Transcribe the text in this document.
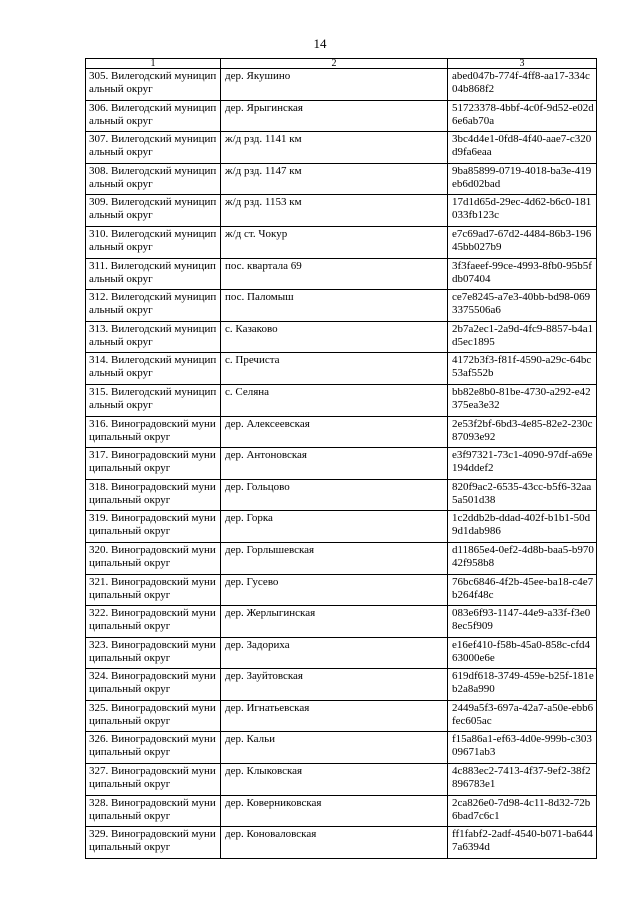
14
1	2	3
305. Вилегодский муниципальный округ	дер. Якушино	abed047b-774f-4ff8-aa17-334c04b868f2
306. Вилегодский муниципальный округ	дер. Ярыгинская	51723378-4bbf-4c0f-9d52-e02d6e6ab70a
307. Вилегодский муниципальный округ	ж/д рзд. 1141 км	3bc4d4e1-0fd8-4f40-aae7-c320d9fa6eaa
308. Вилегодский муниципальный округ	ж/д рзд. 1147 км	9ba85899-0719-4018-ba3e-419eb6d02bad
309. Вилегодский муниципальный округ	ж/д рзд. 1153 км	17d1d65d-29ec-4d62-b6c0-181033fb123c
310. Вилегодский муниципальный округ	ж/д ст. Чокур	e7c69ad7-67d2-4484-86b3-19645bb027b9
311. Вилегодский муниципальный округ	пос. квартала 69	3f3faeef-99ce-4993-8fb0-95b5fdb07404
312. Вилегодский муниципальный округ	пос. Паломыш	ce7e8245-a7e3-40bb-bd98-0693375506a6
313. Вилегодский муниципальный округ	с. Казаково	2b7a2ec1-2a9d-4fc9-8857-b4a1d5ec1895
314. Вилегодский муниципальный округ	с. Пречиста	4172b3f3-f81f-4590-a29c-64bc53af552b
315. Вилегодский муниципальный округ	с. Селяна	bb82e8b0-81be-4730-a292-e42375ea3e32
316. Виноградовский муниципальный округ	дер. Алексеевская	2e53f2bf-6bd3-4e85-82e2-230c87093e92
317. Виноградовский муниципальный округ	дер. Антоновская	e3f97321-73c1-4090-97df-a69e194ddef2
318. Виноградовский муниципальный округ	дер. Гольцово	820f9ac2-6535-43cc-b5f6-32aa5a501d38
319. Виноградовский муниципальный округ	дер. Горка	1c2ddb2b-ddad-402f-b1b1-50d9d1dab986
320. Виноградовский муниципальный округ	дер. Горлышевская	d11865e4-0ef2-4d8b-baa5-b97042f958b8
321. Виноградовский муниципальный округ	дер. Гусево	76bc6846-4f2b-45ee-ba18-c4e7b264f48c
322. Виноградовский муниципальный округ	дер. Жерлыгинская	083e6f93-1147-44e9-a33f-f3e08ec5f909
323. Виноградовский муниципальный округ	дер. Задориха	e16ef410-f58b-45a0-858c-cfd463000e6e
324. Виноградовский муниципальный округ	дер. Зауйтовская	619df618-3749-459e-b25f-181eb2a8a990
325. Виноградовский муниципальный округ	дер. Игнатьевская	2449a5f3-697a-42a7-a50e-ebb6fec605ac
326. Виноградовский муниципальный округ	дер. Кальи	f15a86a1-ef63-4d0e-999b-c30309671ab3
327. Виноградовский муниципальный округ	дер. Клыковская	4c883ec2-7413-4f37-9ef2-38f2896783e1
328. Виноградовский муниципальный округ	дер. Коверниковская	2ca826e0-7d98-4c11-8d32-72b6bad7c6c1
329. Виноградовский муниципальный округ	дер. Коноваловская	ff1fabf2-2adf-4540-b071-ba6447a6394d
